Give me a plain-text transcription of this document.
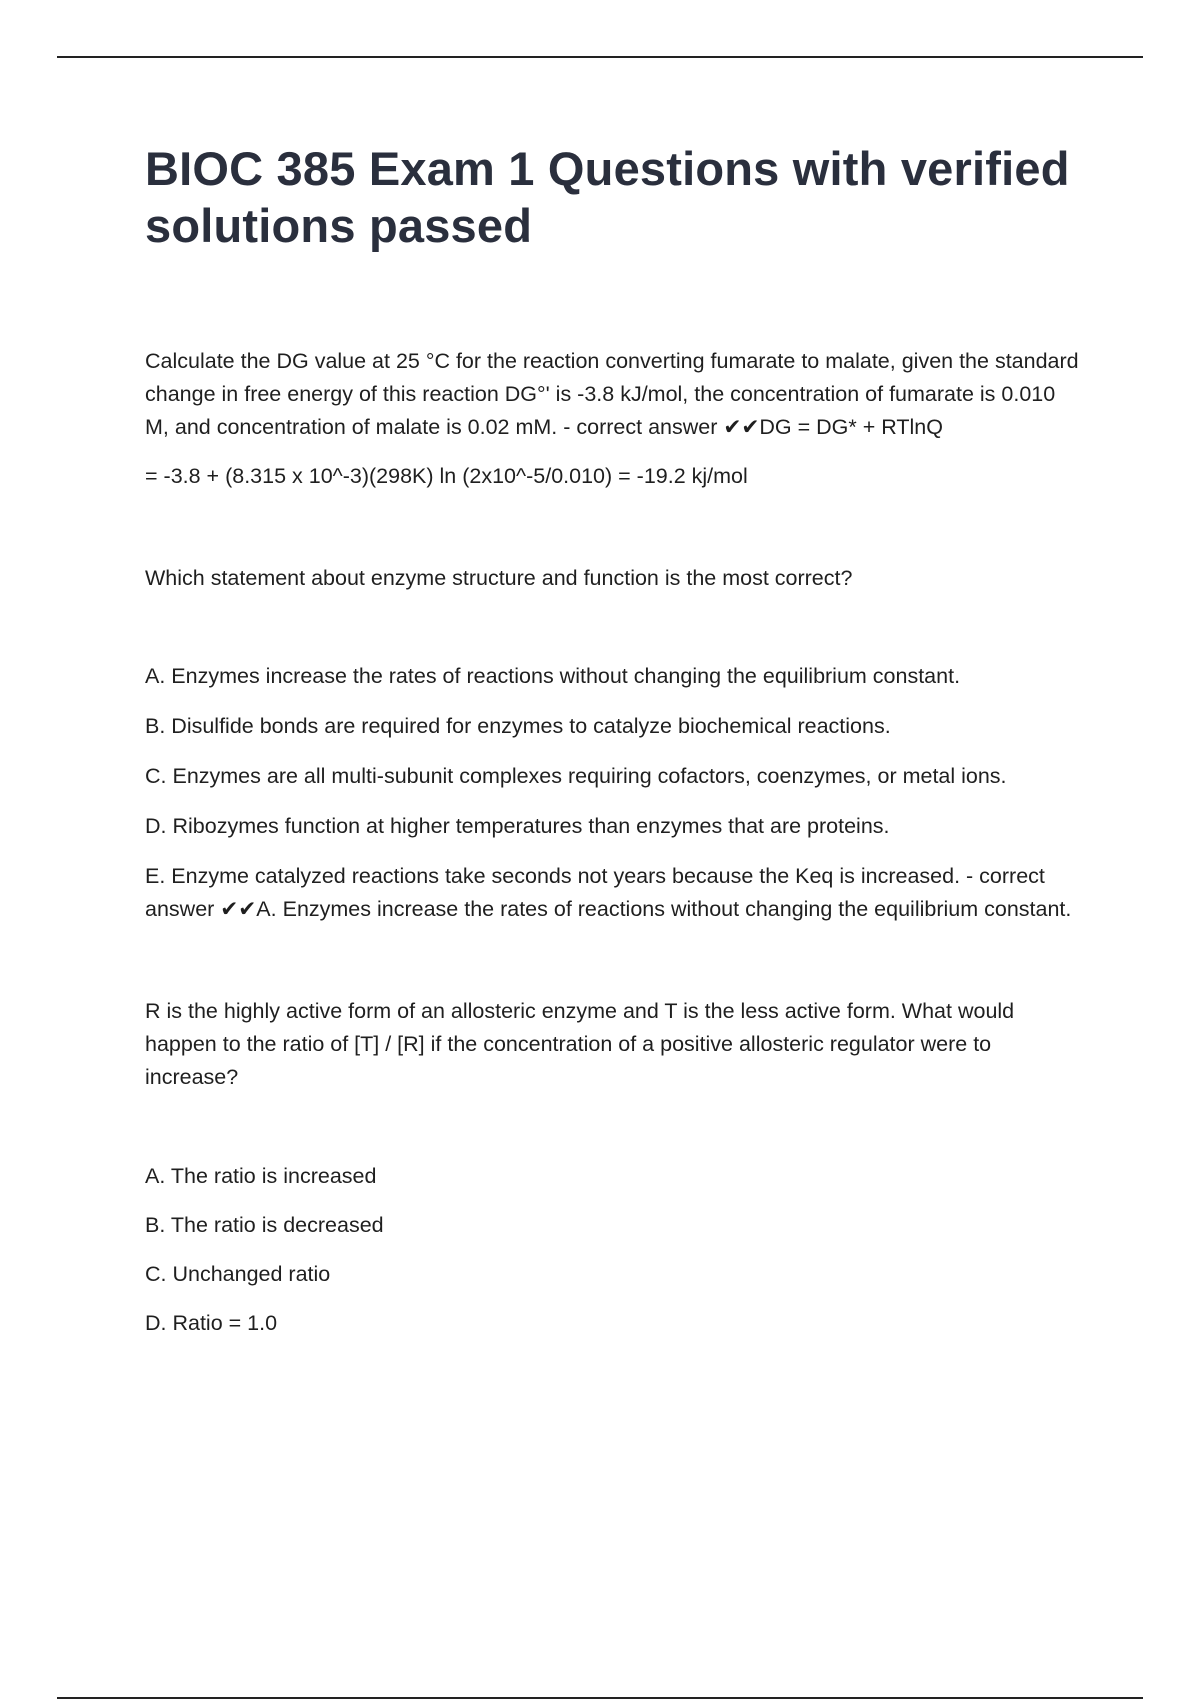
BIOC 385 Exam 1 Questions with verified solutions passed

Calculate the DG value at 25 °C for the reaction converting fumarate to malate, given the standard change in free energy of this reaction DG°' is -3.8 kJ/mol, the concentration of fumarate is 0.010 M, and concentration of malate is 0.02 mM. - correct answer ✔✔DG = DG* + RTlnQ

= -3.8 + (8.315 x 10^-3)(298K) ln (2x10^-5/0.010) = -19.2 kj/mol

Which statement about enzyme structure and function is the most correct?

A. Enzymes increase the rates of reactions without changing the equilibrium constant.

B. Disulfide bonds are required for enzymes to catalyze biochemical reactions.

C. Enzymes are all multi-subunit complexes requiring cofactors, coenzymes, or metal ions.

D. Ribozymes function at higher temperatures than enzymes that are proteins.

E. Enzyme catalyzed reactions take seconds not years because the Keq is increased. - correct answer ✔✔A. Enzymes increase the rates of reactions without changing the equilibrium constant.

R is the highly active form of an allosteric enzyme and T is the less active form. What would happen to the ratio of [T] / [R] if the concentration of a positive allosteric regulator were to increase?

A. The ratio is increased

B. The ratio is decreased

C. Unchanged ratio

D. Ratio = 1.0
